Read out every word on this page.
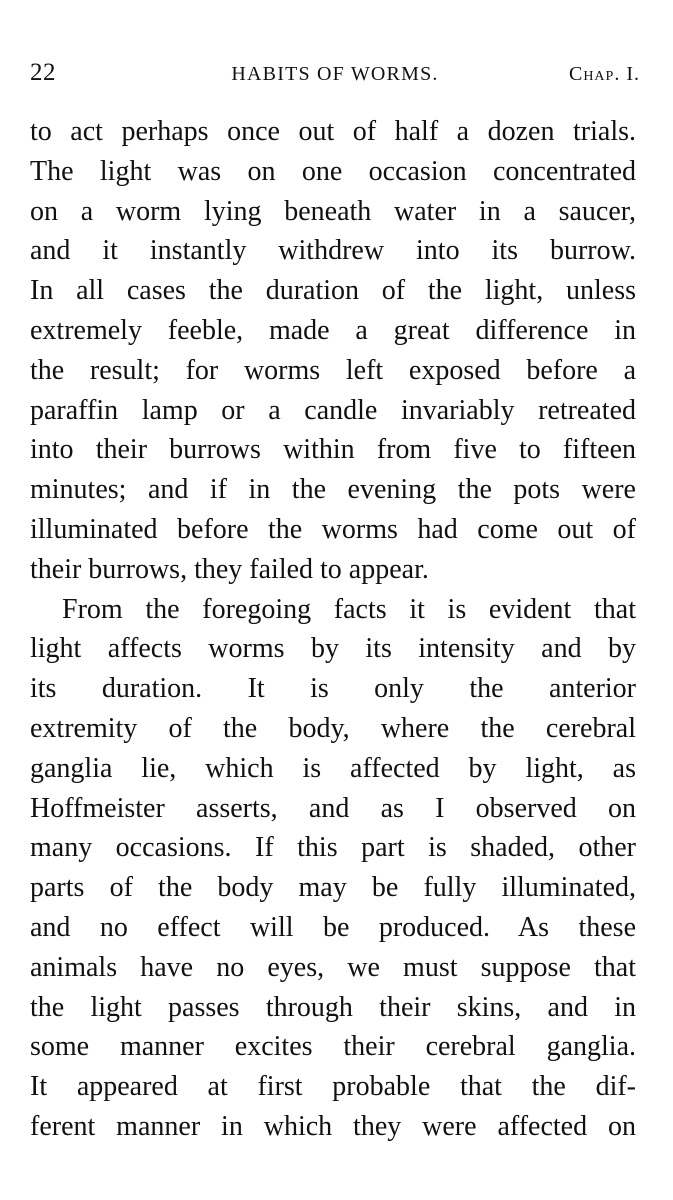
22	HABITS OF WORMS.	Chap. I.
to act perhaps once out of half a dozen trials.
The light was on one occasion concentrated
on a worm lying beneath water in a saucer,
and it instantly withdrew into its burrow.
In all cases the duration of the light, unless
extremely feeble, made a great difference in
the result; for worms left exposed before a
paraffin lamp or a candle invariably retreated
into their burrows within from five to fifteen
minutes; and if in the evening the pots were
illuminated before the worms had come out of
their burrows, they failed to appear.
From the foregoing facts it is evident that
light affects worms by its intensity and by
its duration. It is only the anterior
extremity of the body, where the cerebral
ganglia lie, which is affected by light, as
Hoffmeister asserts, and as I observed on
many occasions. If this part is shaded, other
parts of the body may be fully illuminated,
and no effect will be produced. As these
animals have no eyes, we must suppose that
the light passes through their skins, and in
some manner excites their cerebral ganglia.
It appeared at first probable that the dif-
ferent manner in which they were affected on
